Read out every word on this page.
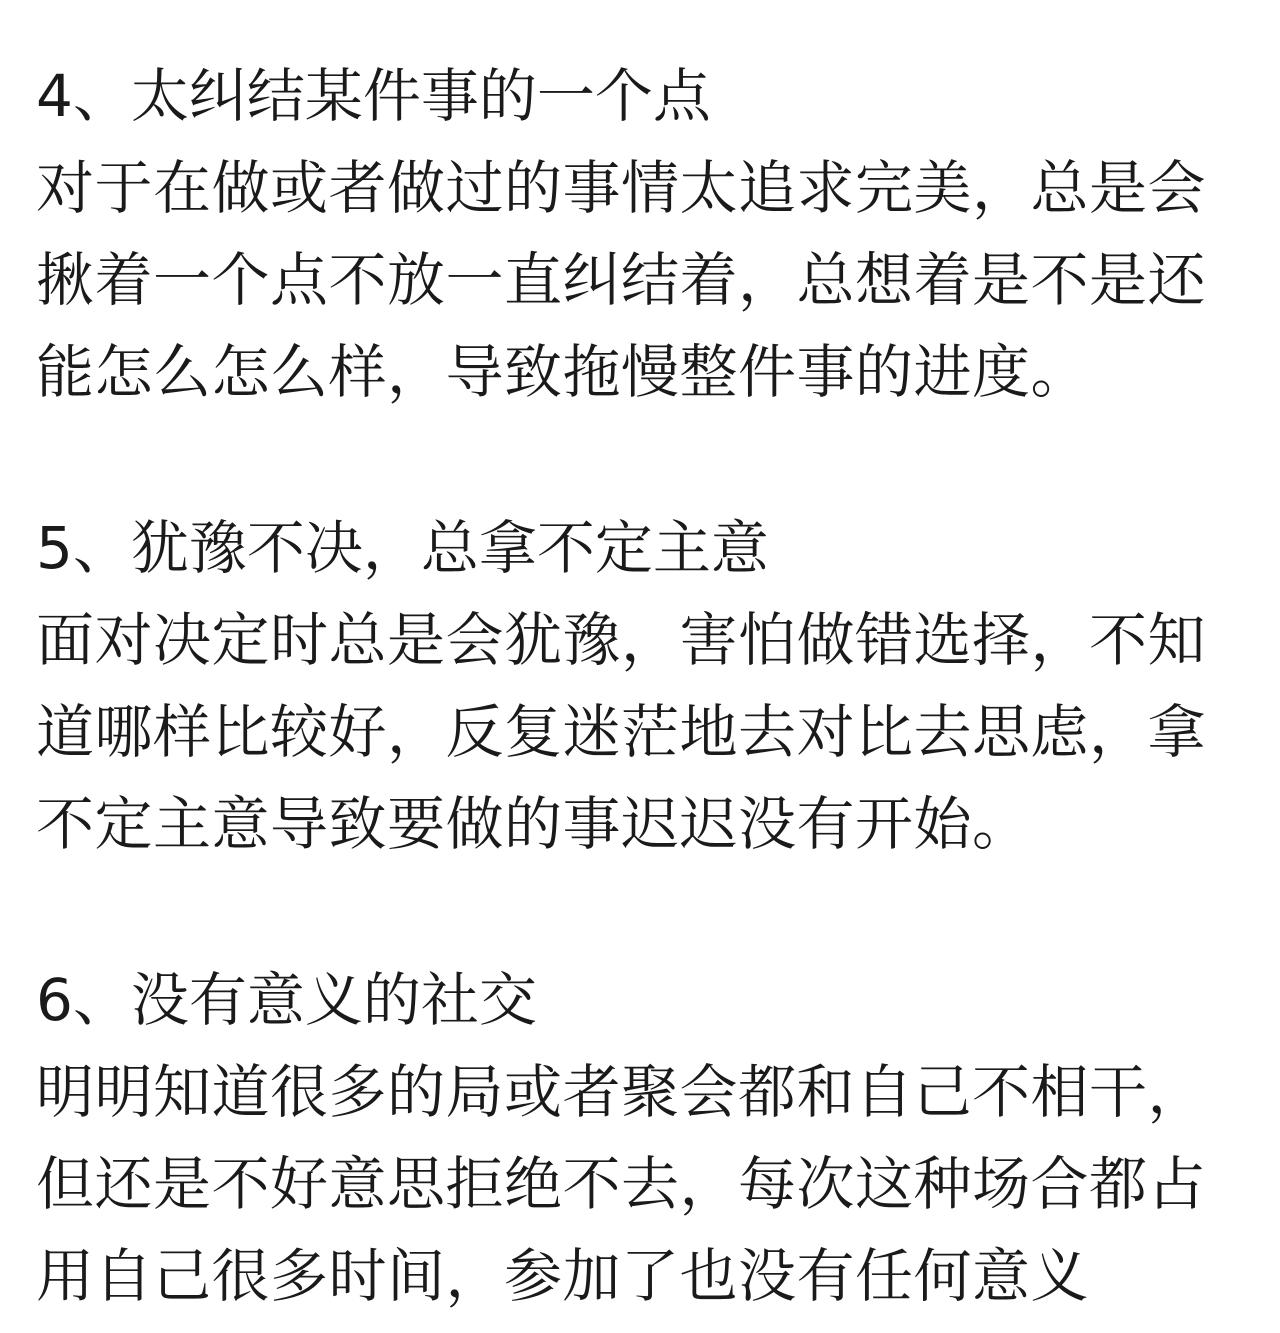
4、太纠结某件事的一个点
对于在做或者做过的事情太追求完美，总是会
揪着一个点不放一直纠结着，总想着是不是还
能怎么怎么样，导致拖慢整件事的进度。
5、犹豫不决，总拿不定主意
面对决定时总是会犹豫，害怕做错选择，不知
道哪样比较好，反复迷茫地去对比去思虑，拿
不定主意导致要做的事迟迟没有开始。
6、没有意义的社交
明明知道很多的局或者聚会都和自己不相干，
但还是不好意思拒绝不去，每次这种场合都占
用自己很多时间，参加了也没有任何意义
